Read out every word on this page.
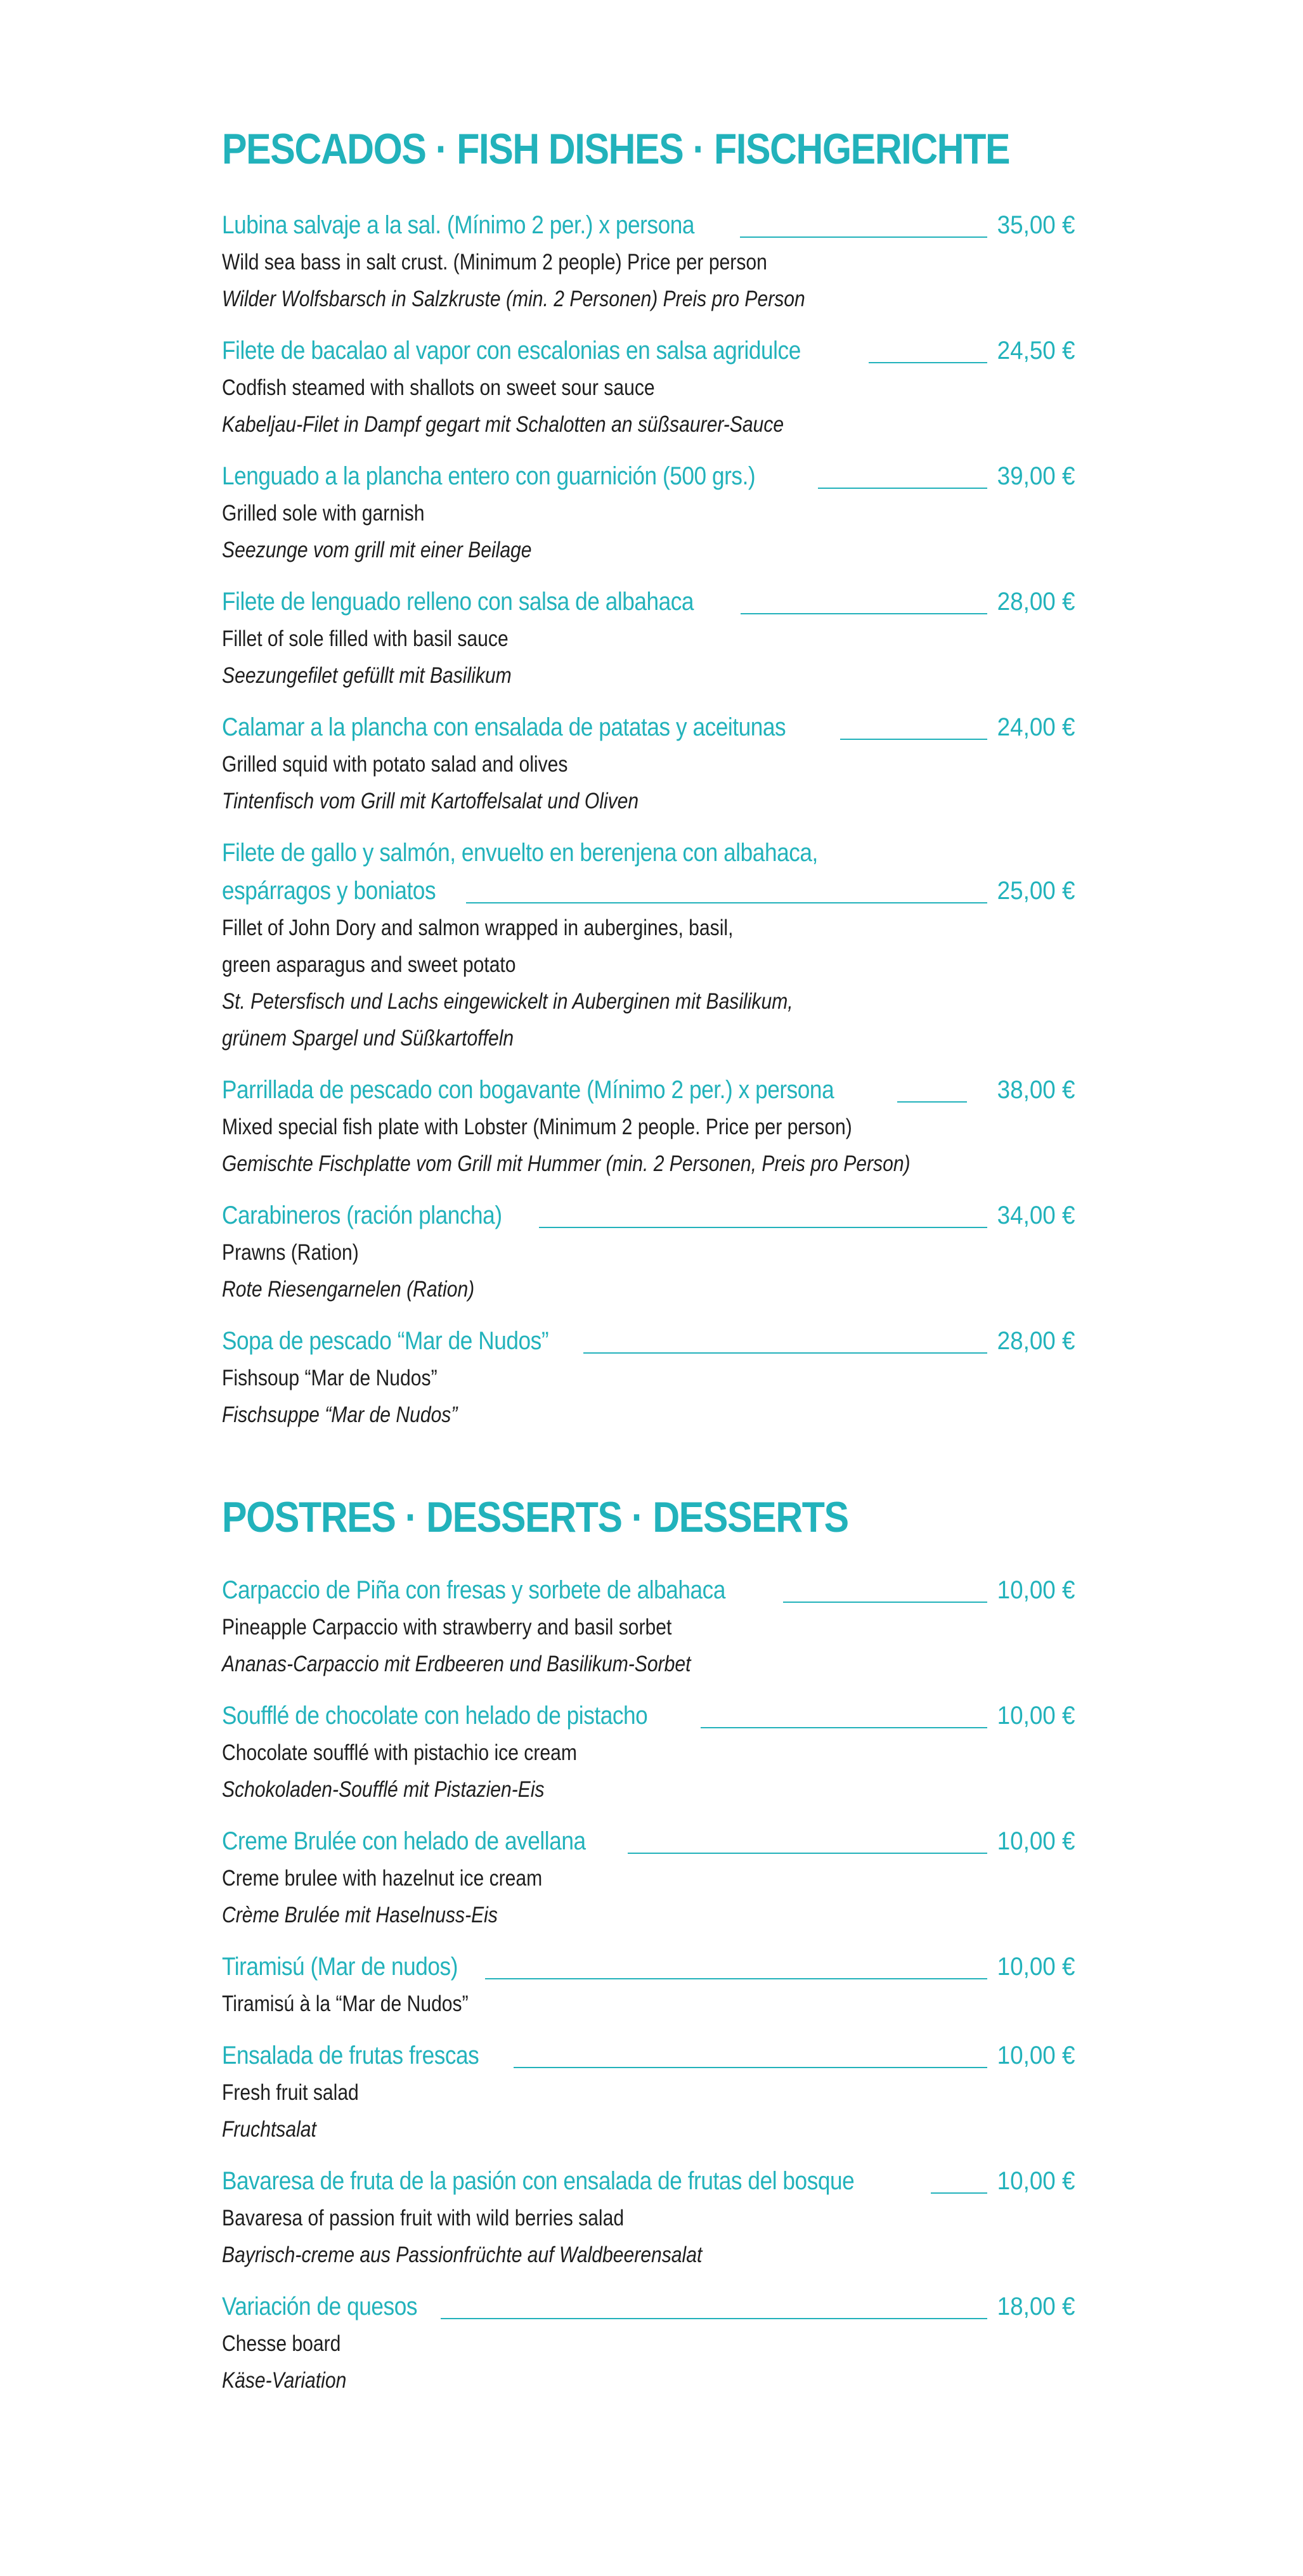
PESCADOS · FISH DISHES · FISCHGERICHTE
Lubina salvaje a la sal. (Mínimo 2 per.) x persona	35,00 €
Wild sea bass in salt crust. (Minimum 2 people) Price per person
Wilder Wolfsbarsch in Salzkruste (min. 2 Personen) Preis pro Person
Filete de bacalao al vapor con escalonias en salsa agridulce	24,50 €
Codfish steamed with shallots on sweet sour sauce
Kabeljau-Filet in Dampf gegart mit Schalotten an süßsaurer-Sauce
Lenguado a la plancha entero con guarnición (500 grs.)	39,00 €
Grilled sole with garnish
Seezunge vom grill mit einer Beilage
Filete de lenguado relleno con salsa de albahaca	28,00 €
Fillet of sole filled with basil sauce
Seezungefilet gefüllt mit Basilikum
Calamar a la plancha con ensalada de patatas y aceitunas	24,00 €
Grilled squid with potato salad and olives
Tintenfisch vom Grill mit Kartoffelsalat und Oliven
Filete de gallo y salmón, envuelto en berenjena con albahaca,
espárragos y boniatos	25,00 €
Fillet of John Dory and salmon wrapped in aubergines, basil,
green asparagus and sweet potato
St. Petersfisch und Lachs eingewickelt in Auberginen mit Basilikum,
grünem Spargel und Süßkartoffeln
Parrillada de pescado con bogavante (Mínimo 2 per.) x persona	38,00 €
Mixed special fish plate with Lobster (Minimum 2 people. Price per person)
Gemischte Fischplatte vom Grill mit Hummer (min. 2 Personen, Preis pro Person)
Carabineros (ración plancha)	34,00 €
Prawns (Ration)
Rote Riesengarnelen (Ration)
Sopa de pescado “Mar de Nudos”	28,00 €
Fishsoup “Mar de Nudos”
Fischsuppe “Mar de Nudos”
POSTRES · DESSERTS · DESSERTS
Carpaccio de Piña con fresas y sorbete de albahaca	10,00 €
Pineapple Carpaccio with strawberry and basil sorbet
Ananas-Carpaccio mit Erdbeeren und Basilikum-Sorbet
Soufflé de chocolate con helado de pistacho	10,00 €
Chocolate soufflé with pistachio ice cream
Schokoladen-Soufflé mit Pistazien-Eis
Creme Brulée con helado de avellana	10,00 €
Creme brulee with hazelnut ice cream
Crème Brulée mit Haselnuss-Eis
Tiramisú (Mar de nudos)	10,00 €
Tiramisú à la “Mar de Nudos”
Ensalada de frutas frescas	10,00 €
Fresh fruit salad
Fruchtsalat
Bavaresa de fruta de la pasión con ensalada de frutas del bosque	10,00 €
Bavaresa of passion fruit with wild berries salad
Bayrisch-creme aus Passionfrüchte auf Waldbeerensalat
Variación de quesos	18,00 €
Chesse board
Käse-Variation
